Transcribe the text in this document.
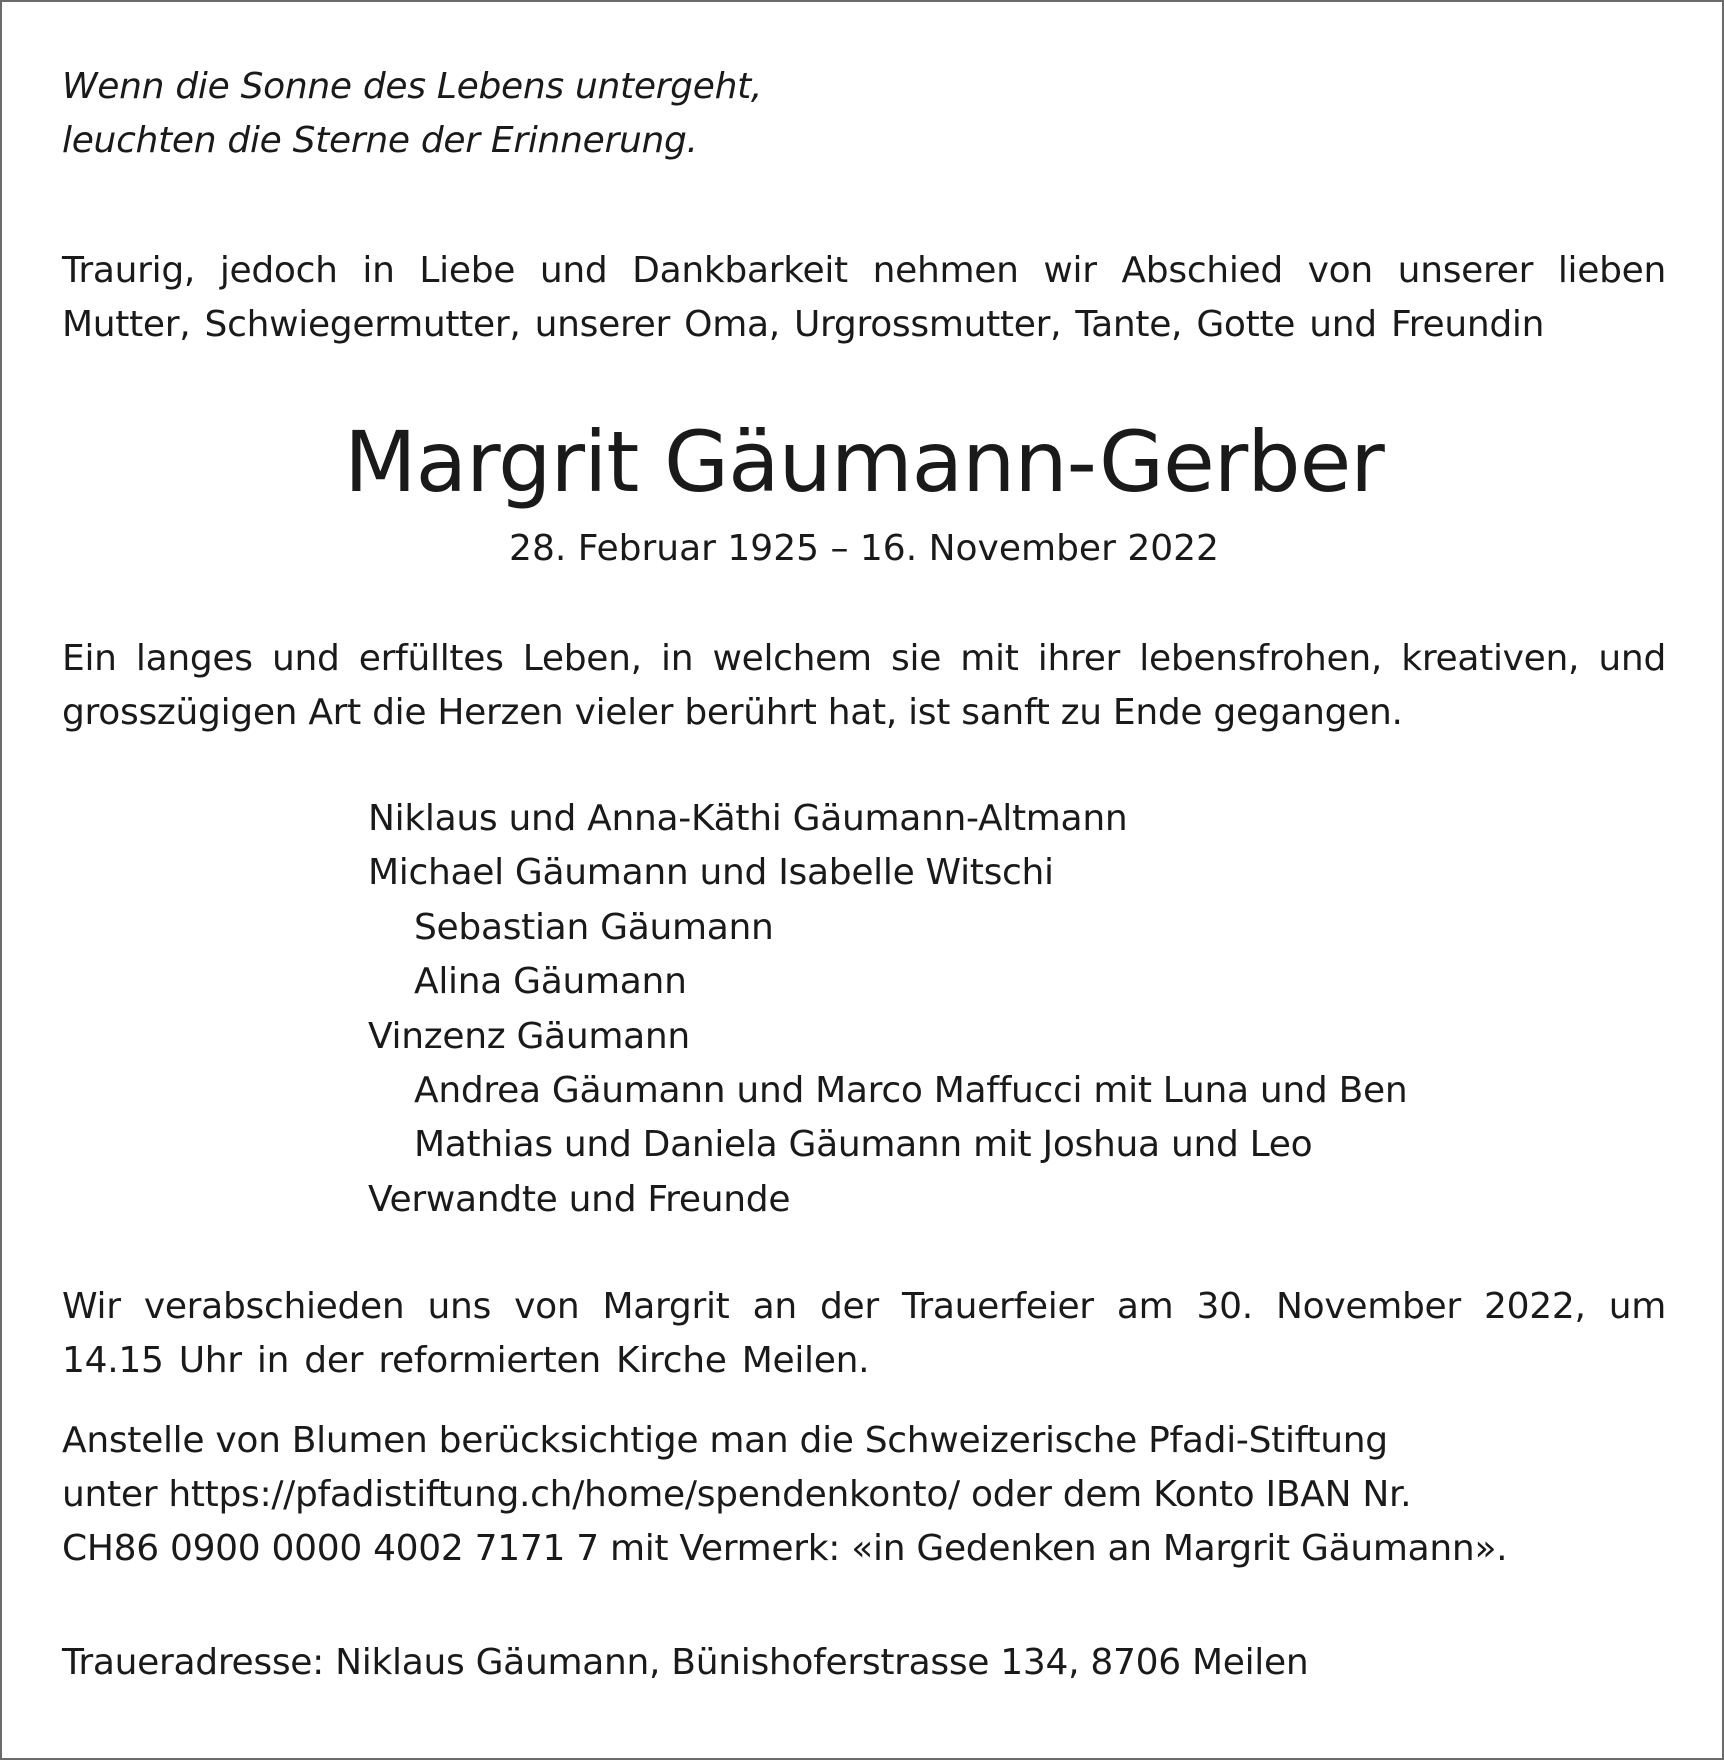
Wenn die Sonne des Lebens untergeht,
leuchten die Sterne der Erinnerung.

Traurig, jedoch in Liebe und Dankbarkeit nehmen wir Abschied von unserer lieben Mutter, Schwiegermutter, unserer Oma, Urgrossmutter, Tante, Gotte und Freundin

Margrit Gäumann-Gerber

28. Februar 1925 – 16. November 2022

Ein langes und erfülltes Leben, in welchem sie mit ihrer lebensfrohen, kreativen, und grosszügigen Art die Herzen vieler berührt hat, ist sanft zu Ende gegangen.

Niklaus und Anna-Käthi Gäumann-Altmann
Michael Gäumann und Isabelle Witschi
Sebastian Gäumann
Alina Gäumann
Vinzenz Gäumann
Andrea Gäumann und Marco Maffucci mit Luna und Ben
Mathias und Daniela Gäumann mit Joshua und Leo
Verwandte und Freunde

Wir verabschieden uns von Margrit an der Trauerfeier am 30. November 2022, um 14.15 Uhr in der reformierten Kirche Meilen.

Anstelle von Blumen berücksichtige man die Schweizerische Pfadi-Stiftung
unter https://pfadistiftung.ch/home/spendenkonto/ oder dem Konto IBAN Nr.
CH86 0900 0000 4002 7171 7 mit Vermerk: «in Gedenken an Margrit Gäumann».

Traueradresse: Niklaus Gäumann, Bünishoferstrasse 134, 8706 Meilen
